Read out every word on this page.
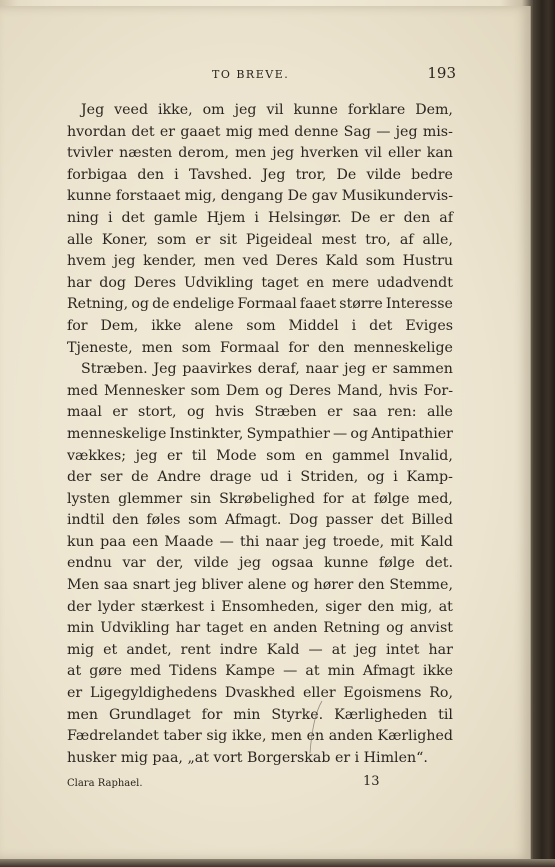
TO BREVE.	193
Jeg veed ikke, om jeg vil kunne forklare Dem,
hvordan det er gaaet mig med denne Sag — jeg mis-
tvivler næsten derom, men jeg hverken vil eller kan
forbigaa den i Tavshed. Jeg tror, De vilde bedre
kunne forstaaet mig, dengang De gav Musikundervis-
ning i det gamle Hjem i Helsingør. De er den af
alle Koner, som er sit Pigeideal mest tro, af alle,
hvem jeg kender, men ved Deres Kald som Hustru
har dog Deres Udvikling taget en mere udadvendt
Retning, og de endelige Formaal faaet større Interesse
for Dem, ikke alene som Middel i det Eviges
Tjeneste, men som Formaal for den menneskelige
Stræben. Jeg paavirkes deraf, naar jeg er sammen
med Mennesker som Dem og Deres Mand, hvis For-
maal er stort, og hvis Stræben er saa ren: alle
menneskelige Instinkter, Sympathier — og Antipathier
vækkes; jeg er til Mode som en gammel Invalid,
der ser de Andre drage ud i Striden, og i Kamp-
lysten glemmer sin Skrøbelighed for at følge med,
indtil den føles som Afmagt. Dog passer det Billed
kun paa een Maade — thi naar jeg troede, mit Kald
endnu var der, vilde jeg ogsaa kunne følge det.
Men saa snart jeg bliver alene og hører den Stemme,
der lyder stærkest i Ensomheden, siger den mig, at
min Udvikling har taget en anden Retning og anvist
mig et andet, rent indre Kald — at jeg intet har
at gøre med Tidens Kampe — at min Afmagt ikke
er Ligegyldighedens Dvaskhed eller Egoismens Ro,
men Grundlaget for min Styrke. Kærligheden til
Fædrelandet taber sig ikke, men en anden Kærlighed
husker mig paa, „at vort Borgerskab er i Himlen“.
Clara Raphael.	13
